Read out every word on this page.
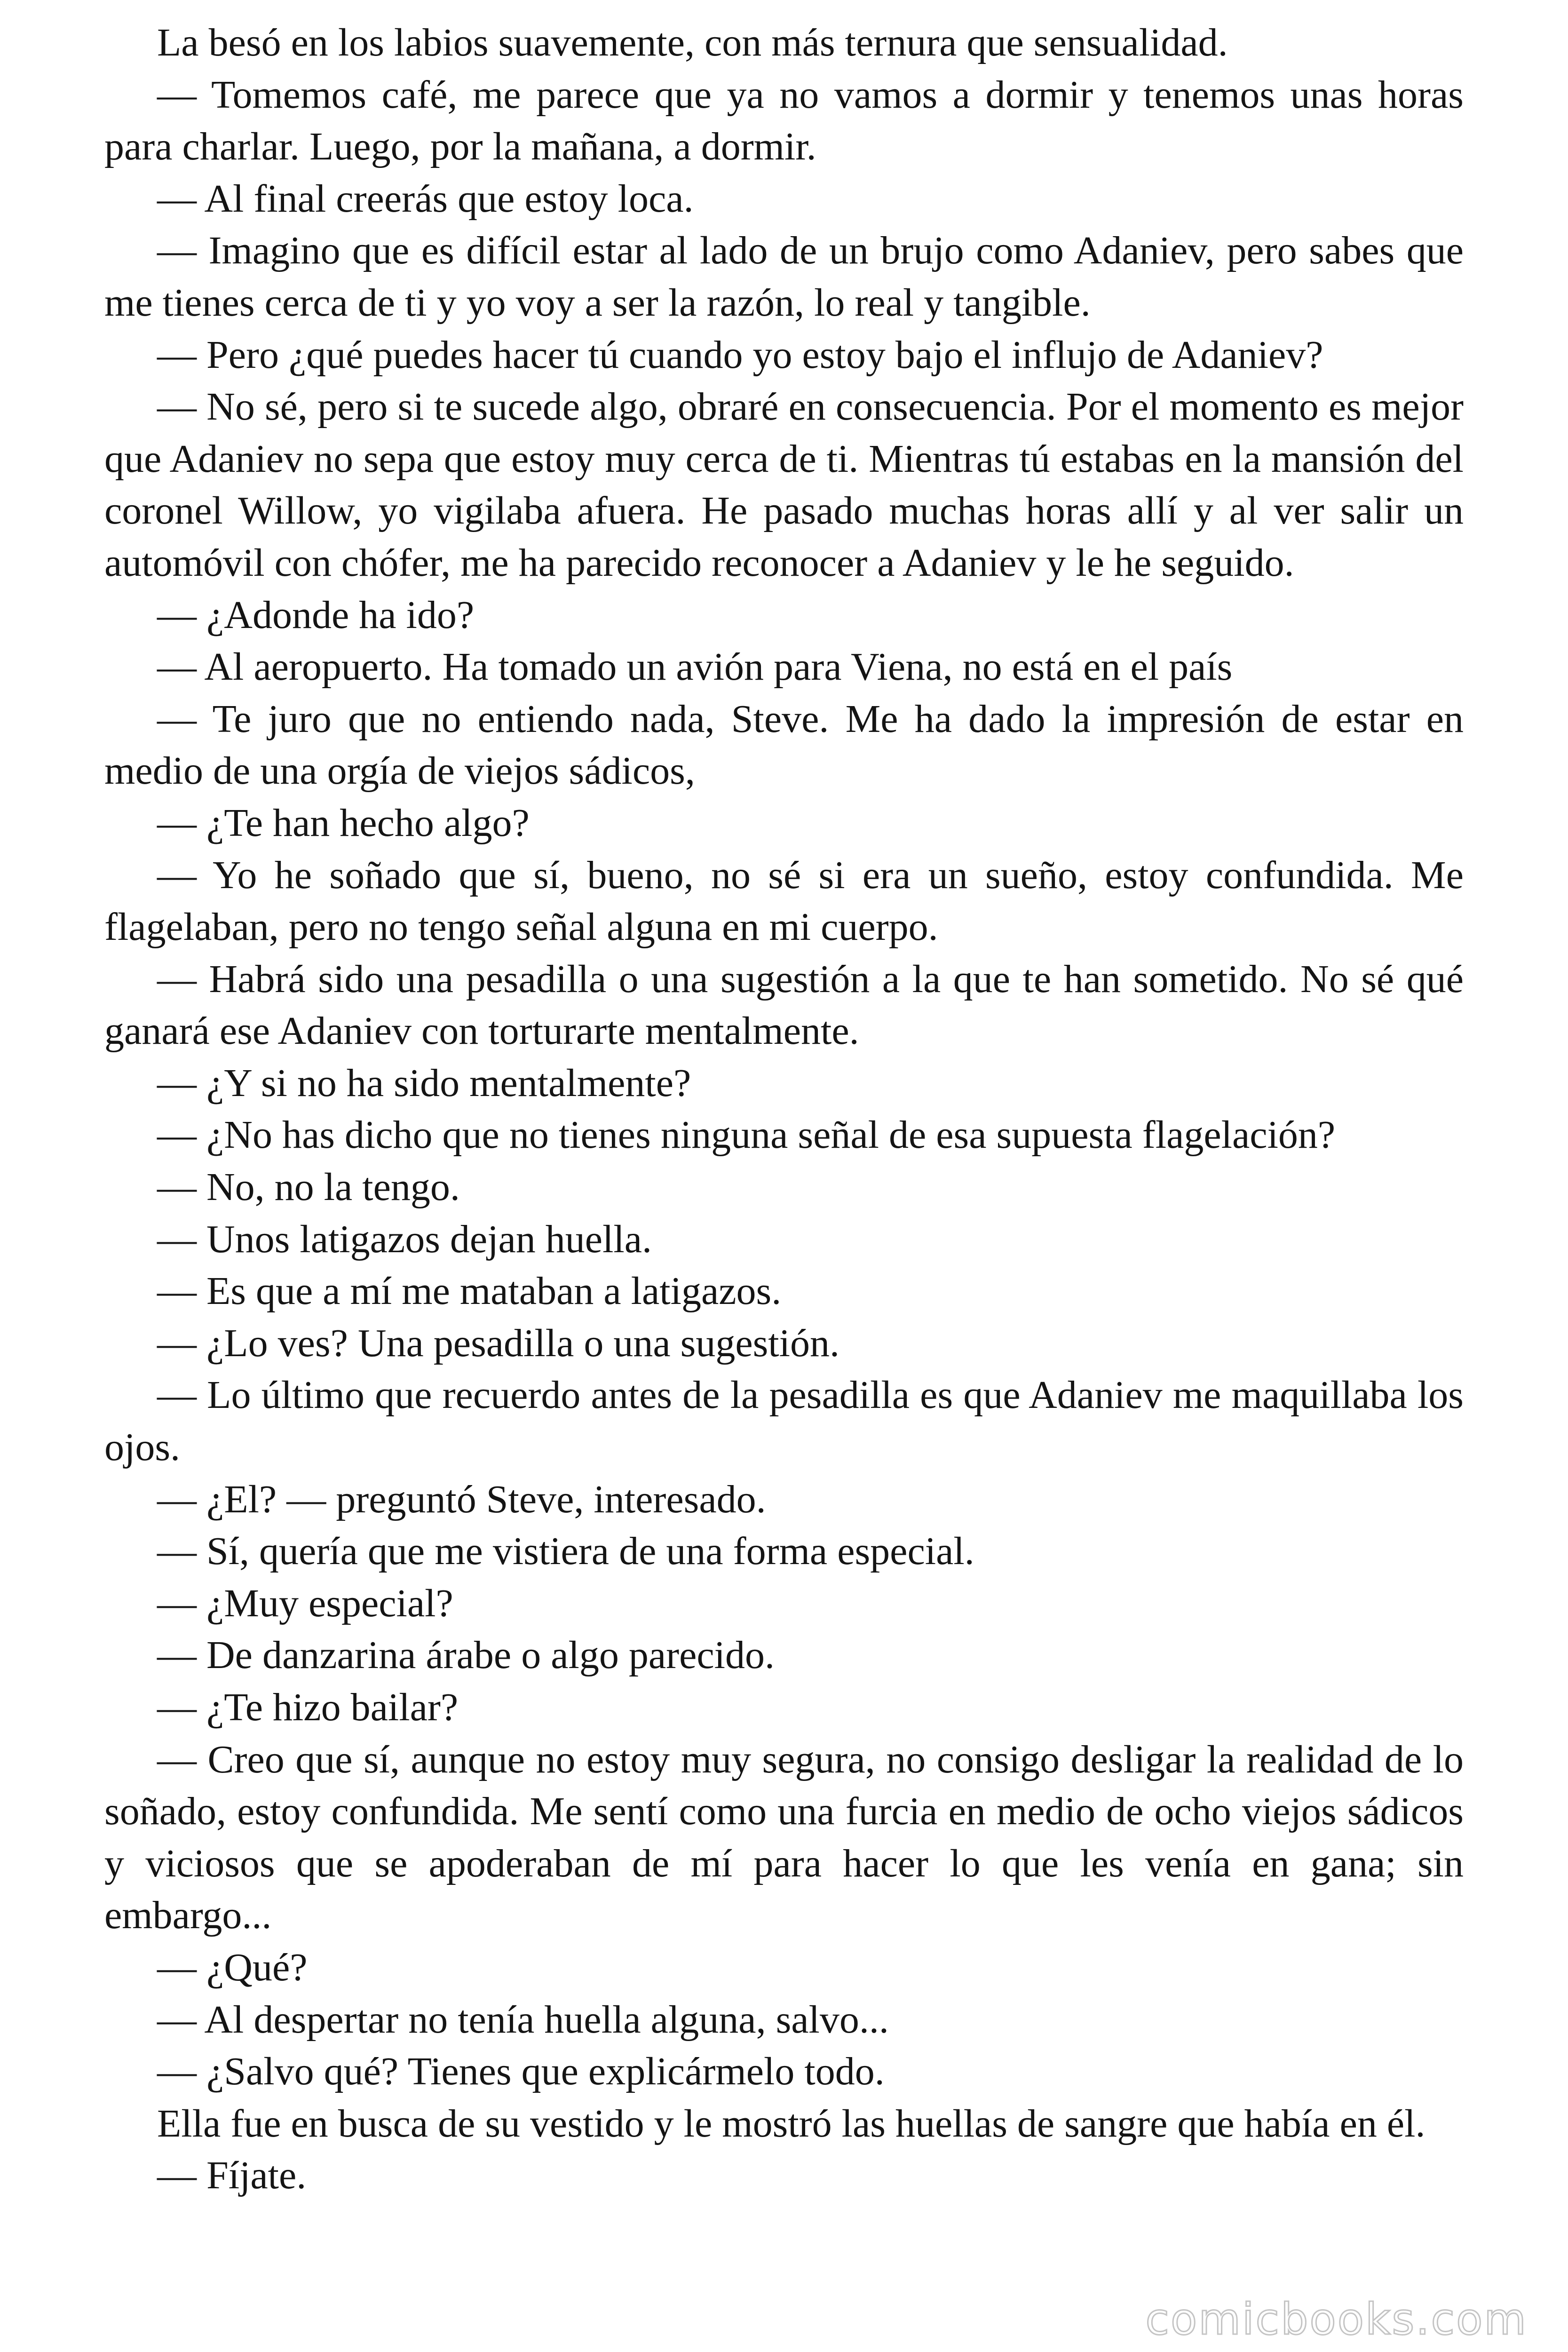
La besó en los labios suavemente, con más ternura que sensualidad.

— Tomemos café, me parece que ya no vamos a dormir y tenemos unas horas para charlar. Luego, por la mañana, a dormir.

— Al final creerás que estoy loca.

— Imagino que es difícil estar al lado de un brujo como Adaniev, pero sabes que me tienes cerca de ti y yo voy a ser la razón, lo real y tangible.

— Pero ¿qué puedes hacer tú cuando yo estoy bajo el influjo de Adaniev?

— No sé, pero si te sucede algo, obraré en consecuencia. Por el momento es mejor que Adaniev no sepa que estoy muy cerca de ti. Mientras tú estabas en la mansión del coronel Willow, yo vigilaba afuera. He pasado muchas horas allí y al ver salir un automóvil con chófer, me ha parecido reconocer a Adaniev y le he seguido.

— ¿Adonde ha ido?

— Al aeropuerto. Ha tomado un avión para Viena, no está en el país

— Te juro que no entiendo nada, Steve. Me ha dado la impresión de estar en medio de una orgía de viejos sádicos,

— ¿Te han hecho algo?

— Yo he soñado que sí, bueno, no sé si era un sueño, estoy confundida. Me flagelaban, pero no tengo señal alguna en mi cuerpo.

— Habrá sido una pesadilla o una sugestión a la que te han sometido. No sé qué ganará ese Adaniev con torturarte mentalmente.

— ¿Y si no ha sido mentalmente?

— ¿No has dicho que no tienes ninguna señal de esa supuesta flagelación?

— No, no la tengo.

— Unos latigazos dejan huella.

— Es que a mí me mataban a latigazos.

— ¿Lo ves? Una pesadilla o una sugestión.

— Lo último que recuerdo antes de la pesadilla es que Adaniev me maquillaba los ojos.

— ¿El? — preguntó Steve, interesado.

— Sí, quería que me vistiera de una forma especial.

— ¿Muy especial?

— De danzarina árabe o algo parecido.

— ¿Te hizo bailar?

— Creo que sí, aunque no estoy muy segura, no consigo desligar la realidad de lo soñado, estoy confundida. Me sentí como una furcia en medio de ocho viejos sádicos y viciosos que se apoderaban de mí para hacer lo que les venía en gana; sin embargo...

— ¿Qué?

— Al despertar no tenía huella alguna, salvo...

— ¿Salvo qué? Tienes que explicármelo todo.

Ella fue en busca de su vestido y le mostró las huellas de sangre que había en él.

— Fíjate.

comicbooks.com
